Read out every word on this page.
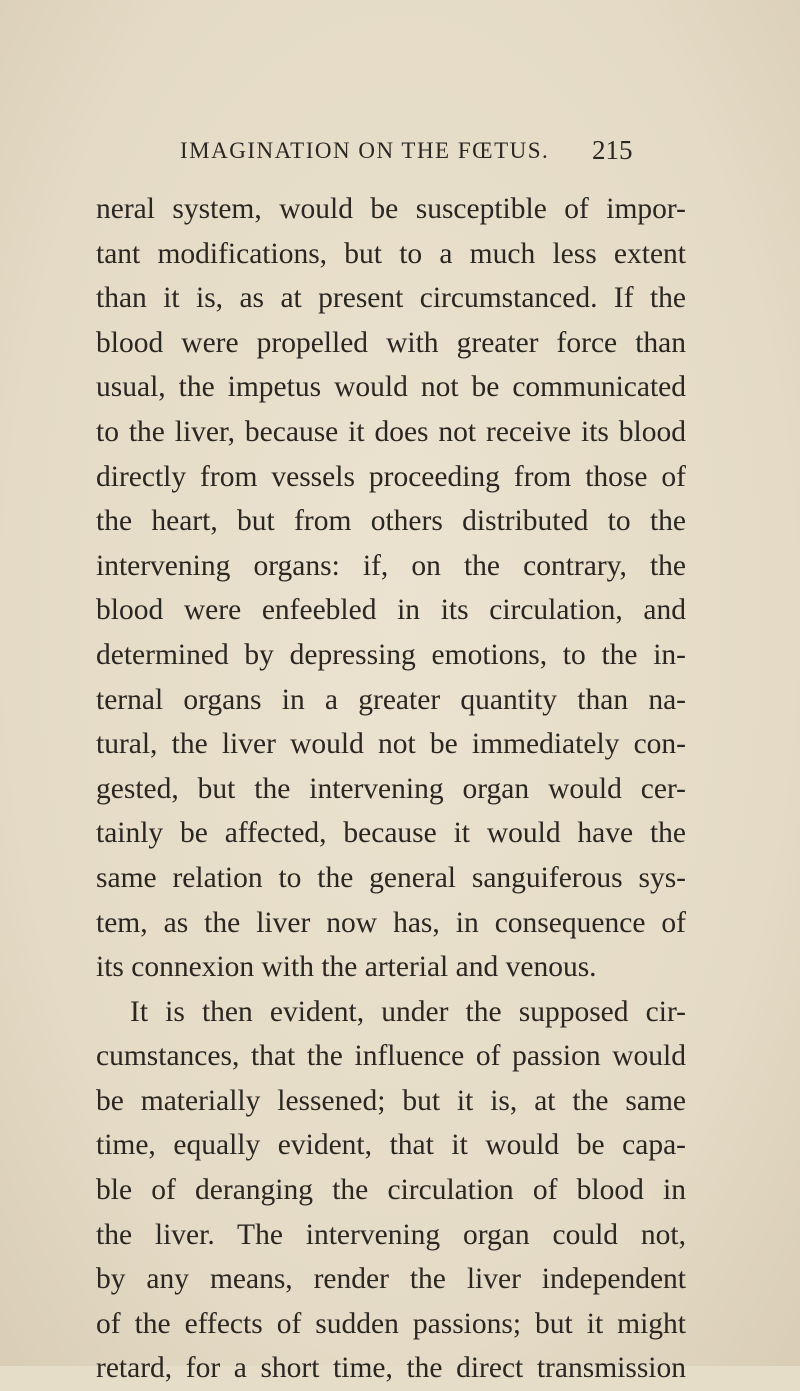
IMAGINATION ON THE FŒTUS. 215
neral system, would be susceptible of impor-
tant modifications, but to a much less extent
than it is, as at present circumstanced. If the
blood were propelled with greater force than
usual, the impetus would not be communicated
to the liver, because it does not receive its blood
directly from vessels proceeding from those of
the heart, but from others distributed to the
intervening organs: if, on the contrary, the
blood were enfeebled in its circulation, and
determined by depressing emotions, to the in-
ternal organs in a greater quantity than na-
tural, the liver would not be immediately con-
gested, but the intervening organ would cer-
tainly be affected, because it would have the
same relation to the general sanguiferous sys-
tem, as the liver now has, in consequence of
its connexion with the arterial and venous.
It is then evident, under the supposed cir-
cumstances, that the influence of passion would
be materially lessened; but it is, at the same
time, equally evident, that it would be capa-
ble of deranging the circulation of blood in
the liver. The intervening organ could not,
by any means, render the liver independent
of the effects of sudden passions; but it might
retard, for a short time, the direct transmission
